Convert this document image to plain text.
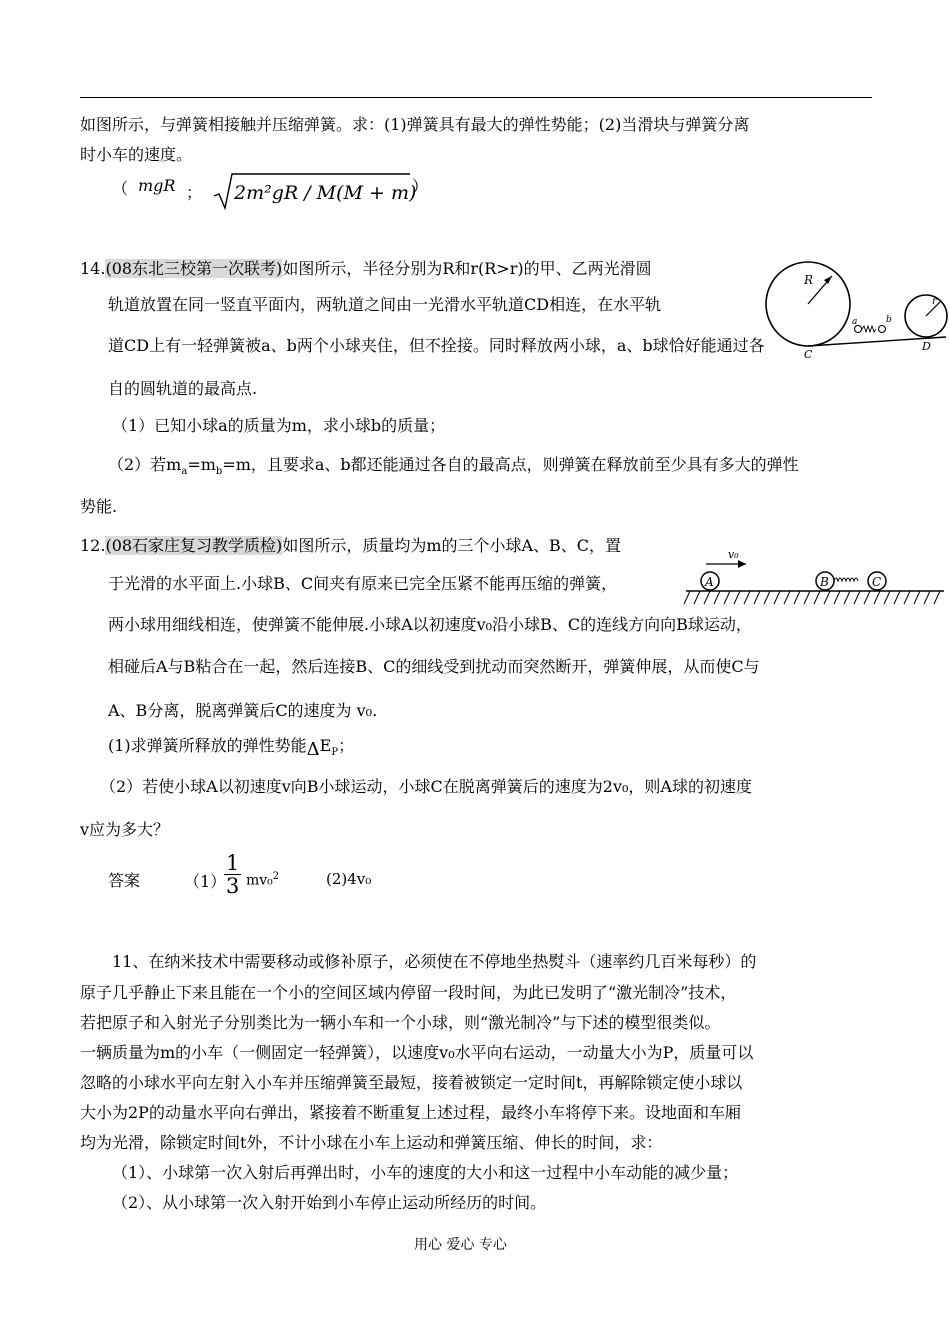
如图所示，与弹簧相接触并压缩弹簧。求：(1)弹簧具有最大的弹性势能；(2)当滑块与弹簧分离
时小车的速度。
（ mgR ； 2m²gR / M(M + m)
）
14.(08东北三校第一次联考)如图所示，半径分别为R和r(R>r)的甲、乙两光滑圆
轨道放置在同一竖直平面内，两轨道之间由一光滑水平轨道CD相连，在水平轨
道CD上有一轻弹簧被a、b两个小球夹住，但不拴接。同时释放两小球，a、b球恰好能通过各
自的圆轨道的最高点.
（1）已知小球a的质量为m，求小球b的质量；
（2）若$m_a=m_b=m$，且要求a、b都还能通过各自的最高点，则弹簧在释放前至少具有多大的弹性
势能.
R
r
a	b
C
D
12.(08石家庄复习教学质检)如图所示，质量均为m的三个小球A、B、C，置
于光滑的水平面上.小球B、C间夹有原来已完全压紧不能再压缩的弹簧，
两小球用细线相连，使弹簧不能伸展.小球A以初速度v₀沿小球B、C的连线方向向B球运动，
相碰后A与B粘合在一起，然后连接B、C的细线受到扰动而突然断开，弹簧伸展，从而使C与
A、B分离，脱离弹簧后C的速度为 v₀.
(1)求弹簧所释放的弹性势能$\Delta E_P$；
（2）若使小球A以初速度v向B小球运动，小球C在脱离弹簧后的速度为2v₀，则A球的初速度
v应为多大？
答案	（1）
$\frac{1}{3} mv_0^2$	(2)4v₀
v₀
A	B	C
11、在纳米技术中需要移动或修补原子，必须使在不停地坐热熨斗（速率约几百米每秒）的
原子几乎静止下来且能在一个小的空间区域内停留一段时间，为此已发明了“激光制冷”技术，
若把原子和入射光子分别类比为一辆小车和一个小球，则“激光制冷”与下述的模型很类似。
一辆质量为m的小车（一侧固定一轻弹簧），以速度v₀水平向右运动，一动量大小为P，质量可以
忽略的小球水平向左射入小车并压缩弹簧至最短，接着被锁定一定时间t，再解除锁定使小球以
大小为2P的动量水平向右弹出，紧接着不断重复上述过程，最终小车将停下来。设地面和车厢
均为光滑，除锁定时间t外，不计小球在小车上运动和弹簧压缩、伸长的时间，求：
（1）、小球第一次入射后再弹出时，小车的速度的大小和这一过程中小车动能的减少量；
（2）、从小球第一次入射开始到小车停止运动所经历的时间。
用心 爱心 专心
